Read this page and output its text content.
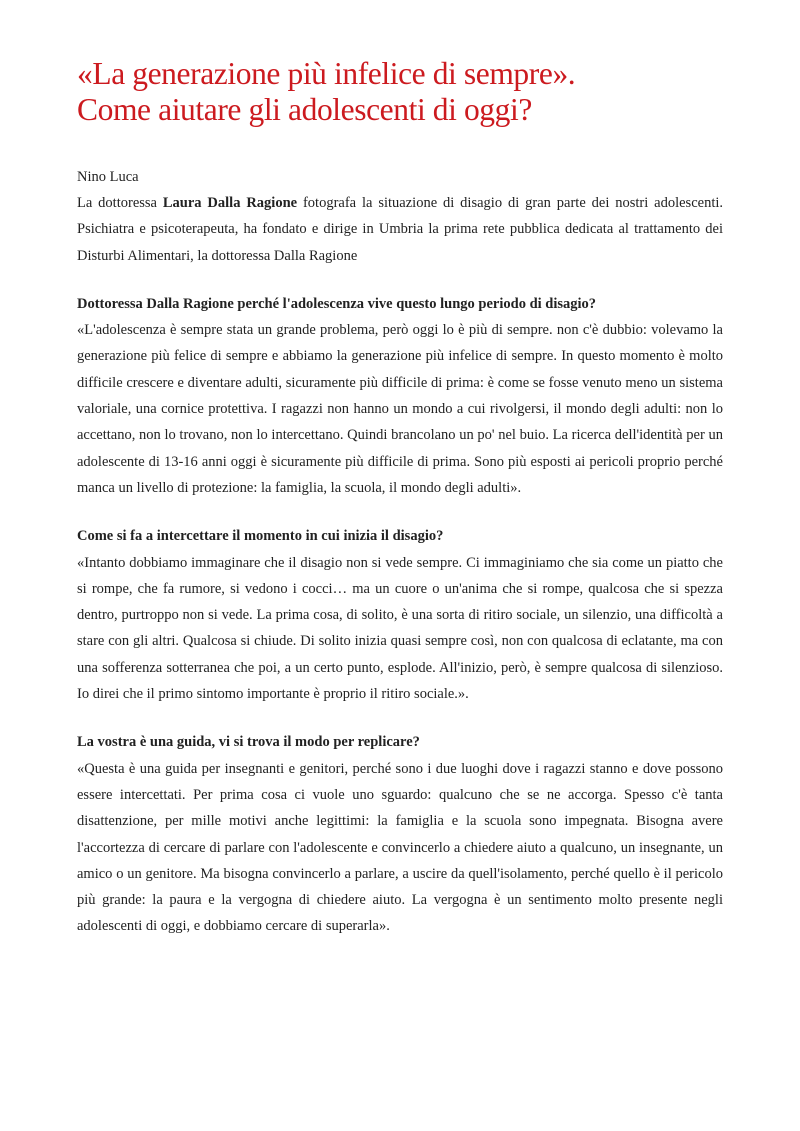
«La generazione più infelice di sempre».
Come aiutare gli adolescenti di oggi?
Nino Luca

La dottoressa Laura Dalla Ragione fotografa la situazione di disagio di gran parte dei nostri adolescenti. Psichiatra e psicoterapeuta, ha fondato e dirige in Umbria la prima rete pubblica dedicata al trattamento dei Disturbi Alimentari, la dottoressa Dalla Ragione

Dottoressa Dalla Ragione perché l'adolescenza vive questo lungo periodo di disagio?

«L'adolescenza è sempre stata un grande problema, però oggi lo è più di sempre. non c'è dubbio: volevamo la generazione più felice di sempre e abbiamo la generazione più infelice di sempre. In questo momento è molto difficile crescere e diventare adulti, sicuramente più difficile di prima: è come se fosse venuto meno un sistema valoriale, una cornice protettiva. I ragazzi non hanno un mondo a cui rivolgersi, il mondo degli adulti: non lo accettano, non lo trovano, non lo intercettano. Quindi brancolano un po' nel buio. La ricerca dell'identità per un adolescente di 13-16 anni oggi è sicuramente più difficile di prima. Sono più esposti ai pericoli proprio perché manca un livello di protezione: la famiglia, la scuola, il mondo degli adulti».

Come si fa a intercettare il momento in cui inizia il disagio?

«Intanto dobbiamo immaginare che il disagio non si vede sempre. Ci immaginiamo che sia come un piatto che si rompe, che fa rumore, si vedono i cocci… ma un cuore o un'anima che si rompe, qualcosa che si spezza dentro, purtroppo non si vede. La prima cosa, di solito, è una sorta di ritiro sociale, un silenzio, una difficoltà a stare con gli altri. Qualcosa si chiude. Di solito inizia quasi sempre così, non con qualcosa di eclatante, ma con una sofferenza sotterranea che poi, a un certo punto, esplode. All'inizio, però, è sempre qualcosa di silenzioso. Io direi che il primo sintomo importante è proprio il ritiro sociale.».

La vostra è una guida, vi si trova il modo per replicare?

«Questa è una guida per insegnanti e genitori, perché sono i due luoghi dove i ragazzi stanno e dove possono essere intercettati. Per prima cosa ci vuole uno sguardo: qualcuno che se ne accorga. Spesso c'è tanta disattenzione, per mille motivi anche legittimi: la famiglia e la scuola sono impegnata. Bisogna avere l'accortezza di cercare di parlare con l'adolescente e convincerlo a chiedere aiuto a qualcuno, un insegnante, un amico o un genitore. Ma bisogna convincerlo a parlare, a uscire da quell'isolamento, perché quello è il pericolo più grande: la paura e la vergogna di chiedere aiuto. La vergogna è un sentimento molto presente negli adolescenti di oggi, e dobbiamo cercare di superarla».
